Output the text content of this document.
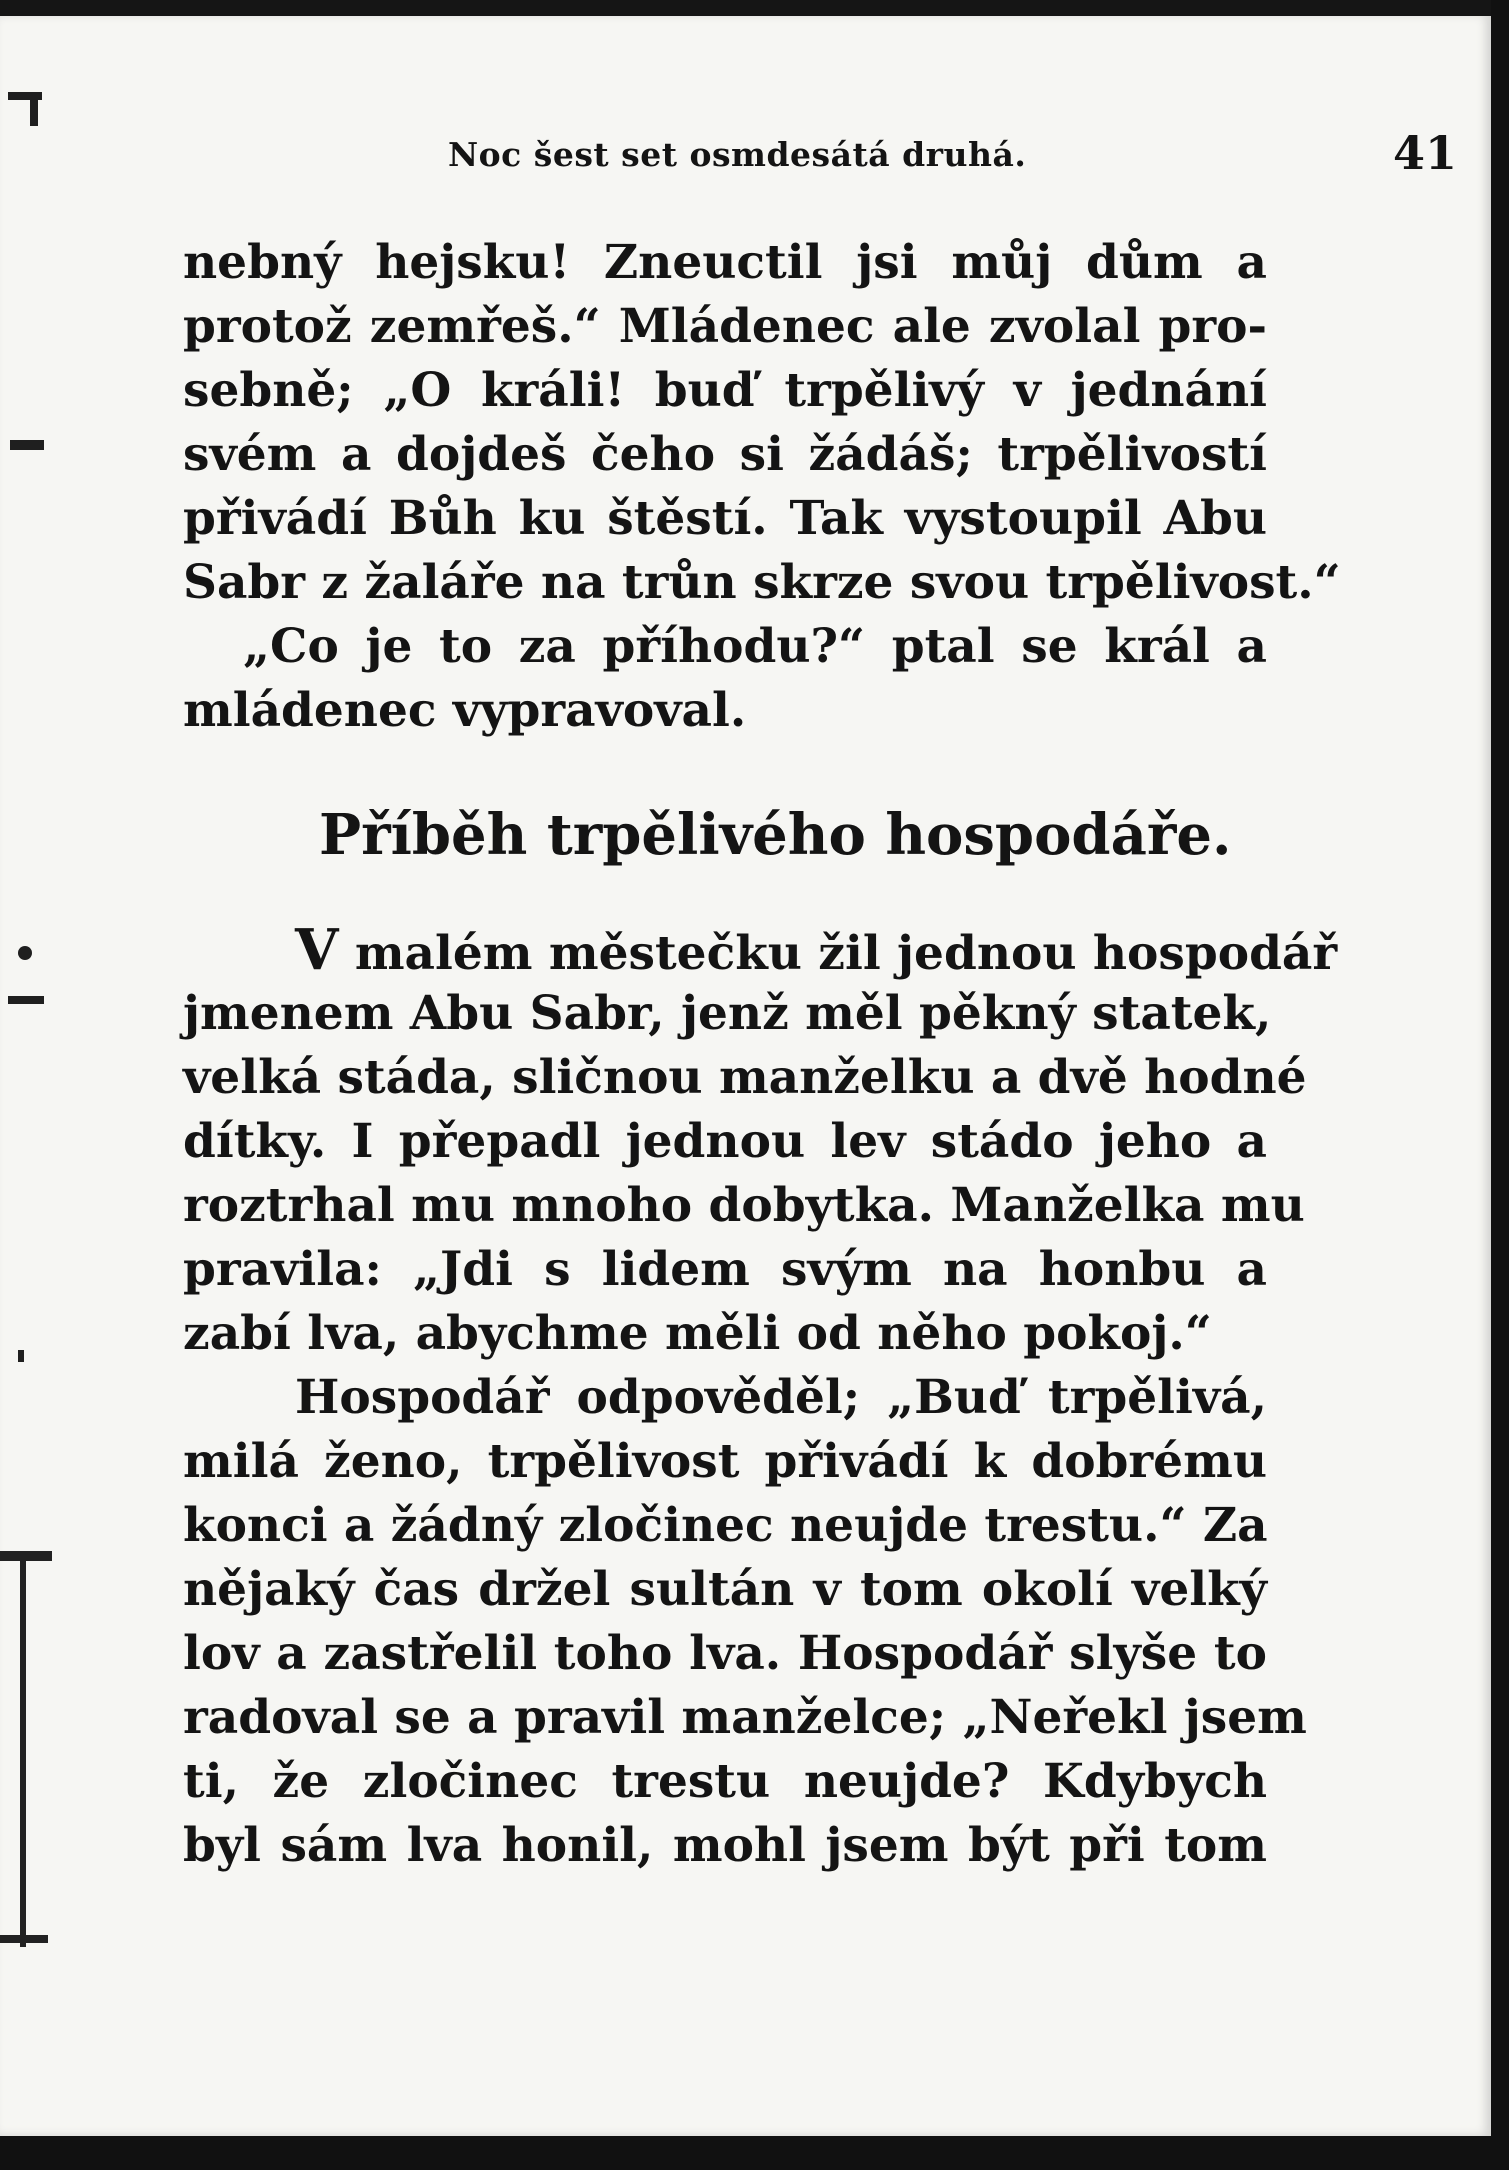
Noc šest set osmdesátá druhá.	41
nebný hejsku! Zneuctil jsi můj dům a
protož zemřeš.“ Mládenec ale zvolal pro-
sebně; „O králi! buď trpělivý v jednání
svém a dojdeš čeho si žádáš; trpělivostí
přivádí Bůh ku štěstí. Tak vystoupil Abu
Sabr z žaláře na trůn skrze svou trpělivost.“
„Co je to za příhodu?“ ptal se král a
mládenec vypravoval.
Příběh trpělivého hospodáře.
V malém městečku žil jednou hospodář
jmenem Abu Sabr, jenž měl pěkný statek,
velká stáda, sličnou manželku a dvě hodné
dítky. I přepadl jednou lev stádo jeho a
roztrhal mu mnoho dobytka. Manželka mu
pravila: „Jdi s lidem svým na honbu a
zabí lva, abychme měli od něho pokoj.“
Hospodář odpověděl; „Buď trpělivá,
milá ženo, trpělivost přivádí k dobrému
konci a žádný zločinec neujde trestu.“ Za
nějaký čas držel sultán v tom okolí velký
lov a zastřelil toho lva. Hospodář slyše to
radoval se a pravil manželce; „Neřekl jsem
ti, že zločinec trestu neujde? Kdybych
byl sám lva honil, mohl jsem být při tom
